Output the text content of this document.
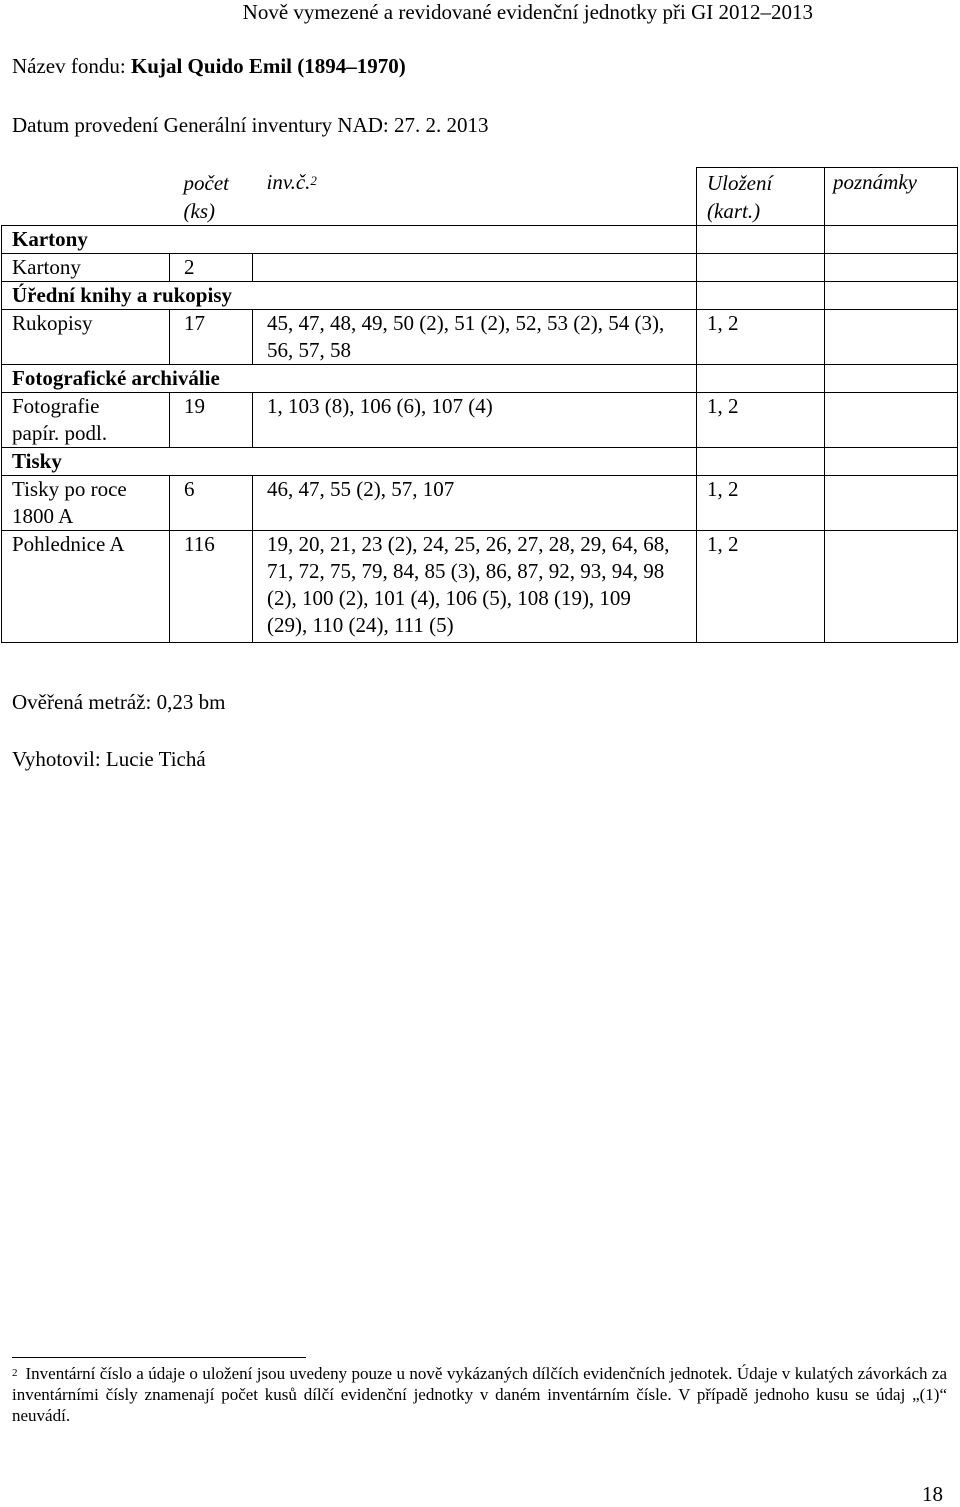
Nově vymezené a revidované evidenční jednotky při GI 2012–2013
Název fondu: Kujal Quido Emil (1894–1970)
Datum provedení Generální inventury NAD: 27. 2. 2013
	počet (ks)	inv.č.$^2$	Uložení (kart.)	poznámky
Kartony				
Kartony	2			
Úřední knihy a rukopisy				
Rukopisy	17	45, 47, 48, 49, 50 (2), 51 (2), 52, 53 (2), 54 (3), 56, 57, 58	1, 2	
Fotografické archiválie				
Fotografie papír. podl.	19	1, 103 (8), 106 (6), 107 (4)	1, 2	
Tisky				
Tisky po roce 1800 A	6	46, 47, 55 (2), 57, 107	1, 2	
Pohlednice A	116	19, 20, 21, 23 (2), 24, 25, 26, 27, 28, 29, 64, 68, 71, 72, 75, 79, 84, 85 (3), 86, 87, 92, 93, 94, 98 (2), 100 (2), 101 (4), 106 (5), 108 (19), 109 (29), 110 (24), 111 (5)	1, 2	
Ověřená metráž: 0,23 bm
Vyhotovil: Lucie Tichá
$^2$ Inventární číslo a údaje o uložení jsou uvedeny pouze u nově vykázaných dílčích evidenčních jednotek. Údaje v kulatých závorkách za inventárními čísly znamenají počet kusů dílčí evidenční jednotky v daném inventárním čísle. V případě jednoho kusu se údaj „(1)“ neuvádí.
18
